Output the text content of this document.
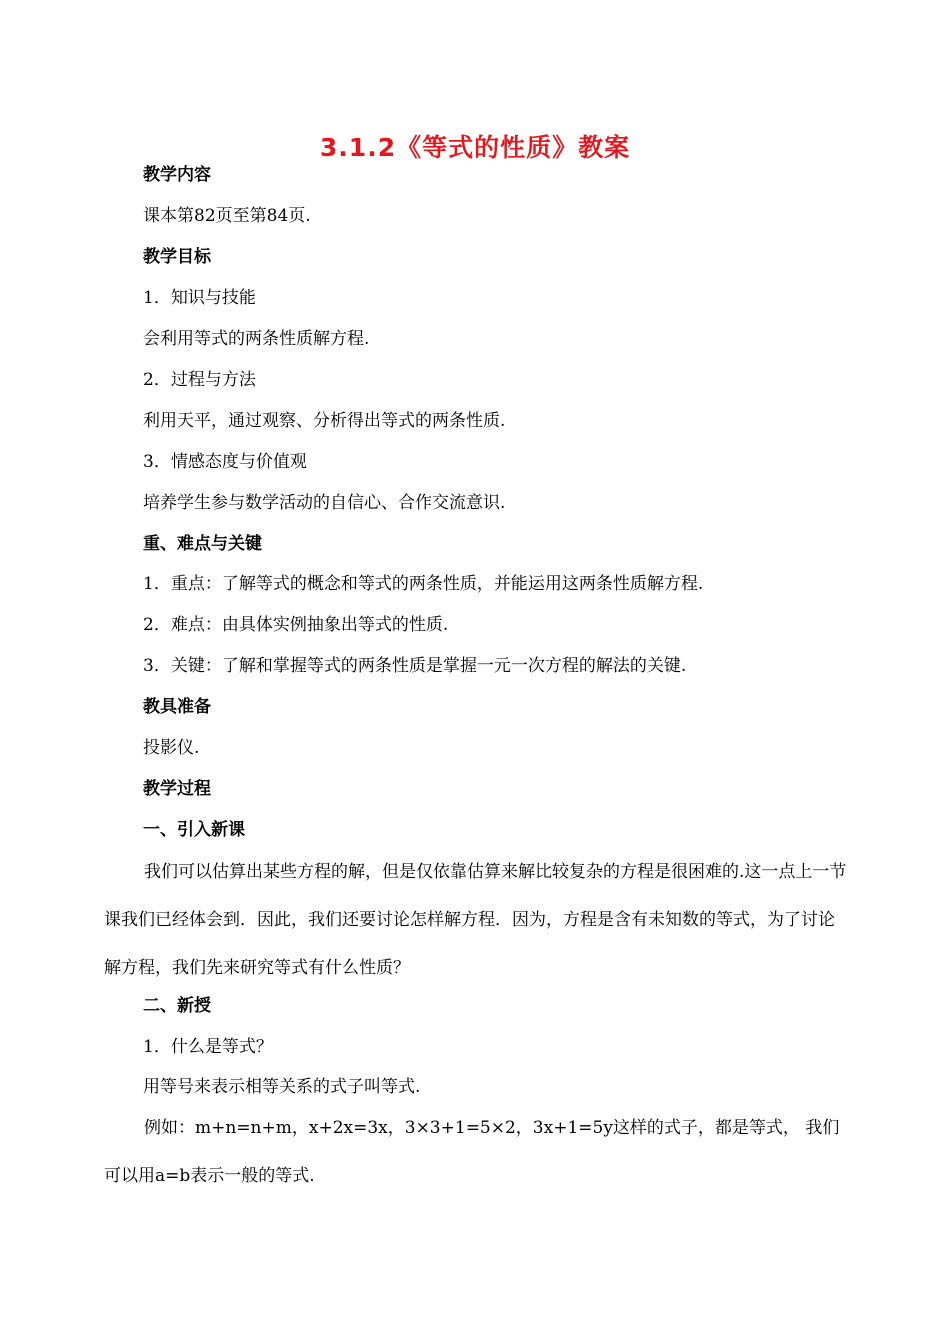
3.1.2《等式的性质》教案
教学内容
课本第82页至第84页.
教学目标
1．知识与技能
会利用等式的两条性质解方程.
2．过程与方法
利用天平，通过观察、分析得出等式的两条性质.
3．情感态度与价值观
培养学生参与数学活动的自信心、合作交流意识.
重、难点与关键
1．重点：了解等式的概念和等式的两条性质，并能运用这两条性质解方程.
2．难点：由具体实例抽象出等式的性质.
3．关键：了解和掌握等式的两条性质是掌握一元一次方程的解法的关键.
教具准备
投影仪.
教学过程
一、引入新课
我们可以估算出某些方程的解，但是仅依靠估算来解比较复杂的方程是很困难的.这一点上一节课我们已经体会到．因此，我们还要讨论怎样解方程．因为，方程是含有未知数的等式，为了讨论解方程，我们先来研究等式有什么性质？
二、新授
1．什么是等式？
用等号来表示相等关系的式子叫等式.
例如：m+n=n+m，x+2x=3x，3×3+1=5×2，3x+1=5y这样的式子，都是等式， 我们可以用a=b表示一般的等式.
